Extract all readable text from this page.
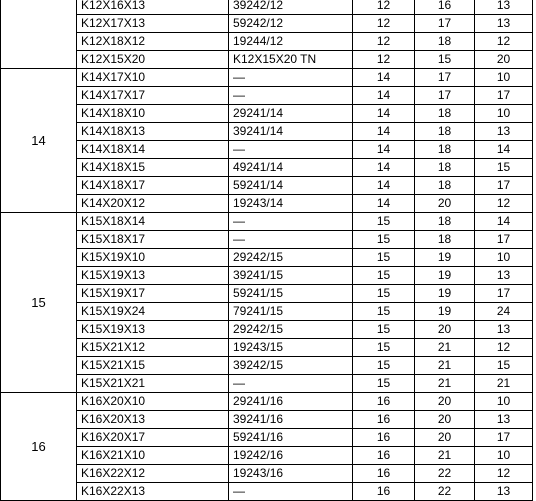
	K12X16X13	39242/12	12	16	13
	K12X17X13	59242/12	12	17	13
	K12X18X12	19244/12	12	18	12
	K12X15X20	K12X15X20 TN	12	15	20
14	K14X17X10	—	14	17	10
	K14X17X17	—	14	17	17
	K14X18X10	29241/14	14	18	10
	K14X18X13	39241/14	14	18	13
	K14X18X14	—	14	18	14
	K14X18X15	49241/14	14	18	15
	K14X18X17	59241/14	14	18	17
	K14X20X12	19243/14	14	20	12
15	K15X18X14	—	15	18	14
	K15X18X17	—	15	18	17
	K15X19X10	29242/15	15	19	10
	K15X19X13	39241/15	15	19	13
	K15X19X17	59241/15	15	19	17
	K15X19X24	79241/15	15	19	24
	K15X19X13	29242/15	15	20	13
	K15X21X12	19243/15	15	21	12
	K15X21X15	39242/15	15	21	15
	K15X21X21	—	15	21	21
16	K16X20X10	29241/16	16	20	10
	K16X20X13	39241/16	16	20	13
	K16X20X17	59241/16	16	20	17
	K16X21X10	19242/16	16	21	10
	K16X22X12	19243/16	16	22	12
	K16X22X13	—	16	22	13
